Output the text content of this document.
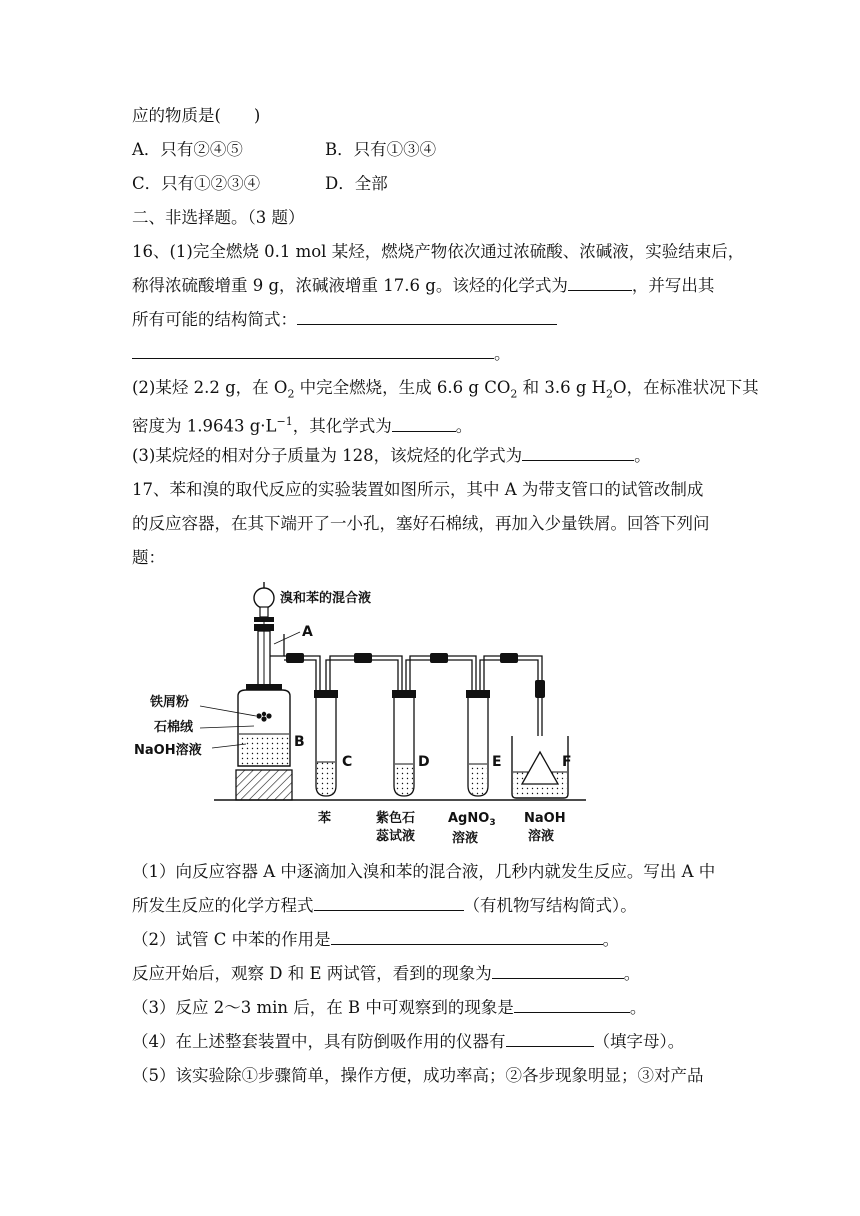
应的物质是(　　)
A．只有②④⑤	B．只有①③④
C．只有①②③④	D．全部
二、非选择题。（3 题）
16、(1)完全燃烧 0.1 mol 某烃，燃烧产物依次通过浓硫酸、浓碱液，实验结束后，
称得浓硫酸增重 9 g，浓碱液增重 17.6 g。该烃的化学式为	，并写出其
所有可能的结构简式：
。
(2)某烃 2.2 g，在 $O_2$ 中完全燃烧，生成 6.6 g $CO_2$ 和 3.6 g $H_2O$，在标准状况下其
密度为 1.9643 $g\cdot L^{-1}$，其化学式为	。
(3)某烷烃的相对分子质量为 128，该烷烃的化学式为	。
17、苯和溴的取代反应的实验装置如图所示，其中 A 为带支管口的试管改制成
的反应容器，在其下端开了一小孔，塞好石棉绒，再加入少量铁屑。回答下列问
题：
溴和苯的混合液
A
铁屑粉
石棉绒
NaOH溶液
B
C	D	E	F
苯	紫色石
蕊试液
AgNO$_3$
溶液
NaOH
溶液
（1）向反应容器 A 中逐滴加入溴和苯的混合液，几秒内就发生反应。写出 A 中
所发生反应的化学方程式	（有机物写结构简式）。
（2）试管 C 中苯的作用是	。
反应开始后，观察 D 和 E 两试管，看到的现象为	。
（3）反应 2～3 min 后，在 B 中可观察到的现象是	。
（4）在上述整套装置中，具有防倒吸作用的仪器有	（填字母）。
（5）该实验除①步骤简单，操作方便，成功率高；②各步现象明显；③对产品
